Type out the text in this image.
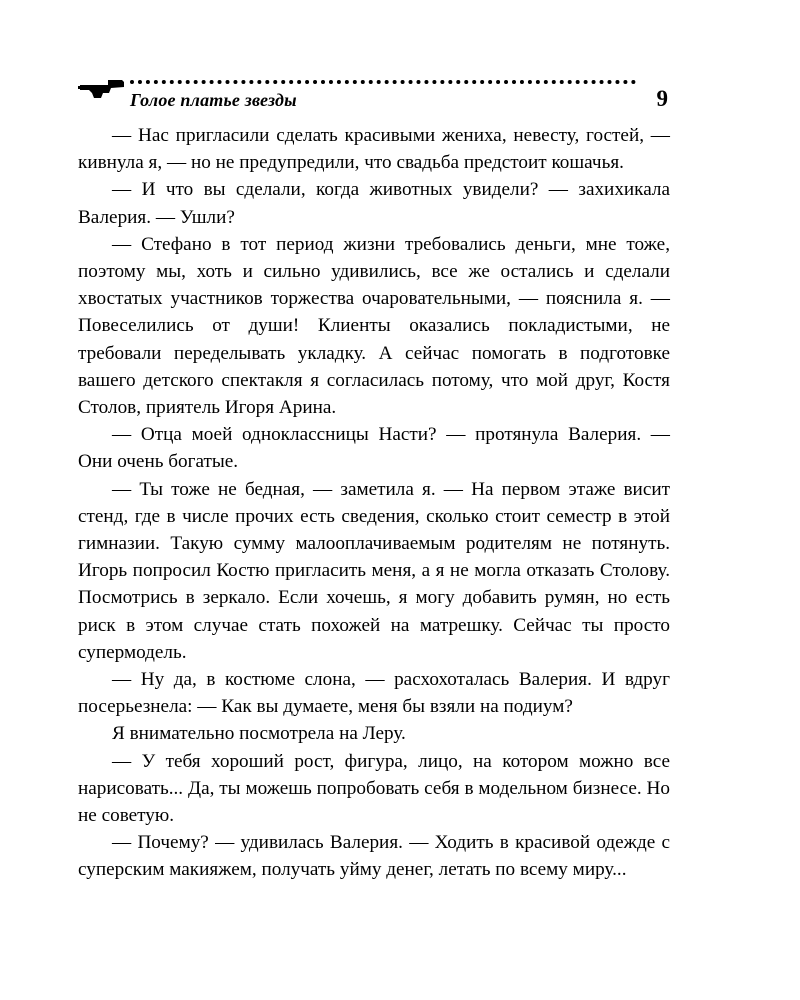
Голое платье звезды	9

— Нас пригласили сделать красивыми жениха, невесту, гостей, — кивнула я, — но не предупредили, что свадьба предстоит кошачья.

— И что вы сделали, когда животных увидели? — захихикала Валерия. — Ушли?

— Стефано в тот период жизни требовались деньги, мне тоже, поэтому мы, хоть и сильно удивились, все же остались и сделали хвостатых участников торжества очаровательными, — пояснила я. — Повеселились от души! Клиенты оказались покладистыми, не требовали переделывать укладку. А сейчас помогать в подготовке вашего детского спектакля я согласилась потому, что мой друг, Костя Столов, приятель Игоря Арина.

— Отца моей одноклассницы Насти? — протянула Валерия. — Они очень богатые.

— Ты тоже не бедная, — заметила я. — На первом этаже висит стенд, где в числе прочих есть сведения, сколько стоит семестр в этой гимназии. Такую сумму малооплачиваемым родителям не потянуть. Игорь попросил Костю пригласить меня, а я не могла отказать Столову. Посмотрись в зеркало. Если хочешь, я могу добавить румян, но есть риск в этом случае стать похожей на матрешку. Сейчас ты просто супермодель.

— Ну да, в костюме слона, — расхохоталась Валерия. И вдруг посерьезнела: — Как вы думаете, меня бы взяли на подиум?

Я внимательно посмотрела на Леру.

— У тебя хороший рост, фигура, лицо, на котором можно все нарисовать... Да, ты можешь попробовать себя в модельном бизнесе. Но не советую.

— Почему? — удивилась Валерия. — Ходить в красивой одежде с суперским макияжем, получать уйму денег, летать по всему миру...
